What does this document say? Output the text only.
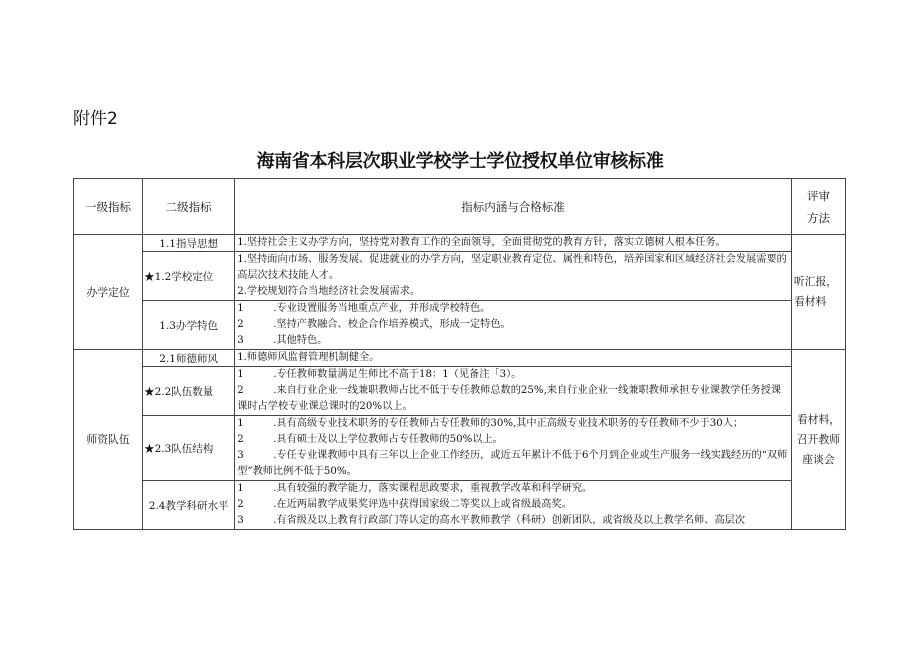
附件2
海南省本科层次职业学校学士学位授权单位审核标准
一级指标	二级指标	指标内涵与合格标准	评审
方法

办学定位	1.1指导思想	1.坚持社会主义办学方向，坚持党对教育工作的全面领导，全面贯彻党的教育方针，落实立德树人根本任务。	听汇报，看材料
	★1.2学校定位	1.坚持面向市场、服务发展、促进就业的办学方向，坚定职业教育定位、属性和特色，培养国家和区域经济社会发展需要的高层次技术技能人才。
2.学校规划符合当地经济社会发展需求。	

	1.3办学特色	1 .专业设置服务当地重点产业，并形成学校特色。
2 .坚持产教融合、校企合作培养模式，形成一定特色。
3 .其他特色。	

师资队伍	2.1师德师风	1.师德师风监督管理机制健全。	看材料，召开教师座谈会
	★2.2队伍数量	1 .专任教师数量满足生师比不高于18：1（见备注「3）。
2 .来自行业企业一线兼职教师占比不低于专任教师总数的25%,来自行业企业一线兼职教师承担专业课教学任务授课课时占学校专业课总课时的20%以上。	

	★2.3队伍结构	1 .具有高级专业技术职务的专任教师占专任教师的30%,其中正高级专业技术职务的专任教师不少于30人；
2 .具有硕士及以上学位教师占专任教师的50%以上。
3 .专任专业课教师中具有三年以上企业工作经历，或近五年累计不低于6个月到企业或生产服务一线实践经历的“双师型”教师比例不低于50%。	

	2.4教学科研水平	1 .具有较强的教学能力，落实课程思政要求，重视教学改革和科学研究。
2 .在近两届教学成果奖评选中获得国家级二等奖以上或省级最高奖。
3 .有省级及以上教育行政部门等认定的高水平教师教学（科研）创新团队，或省级及以上教学名师、高层次	
